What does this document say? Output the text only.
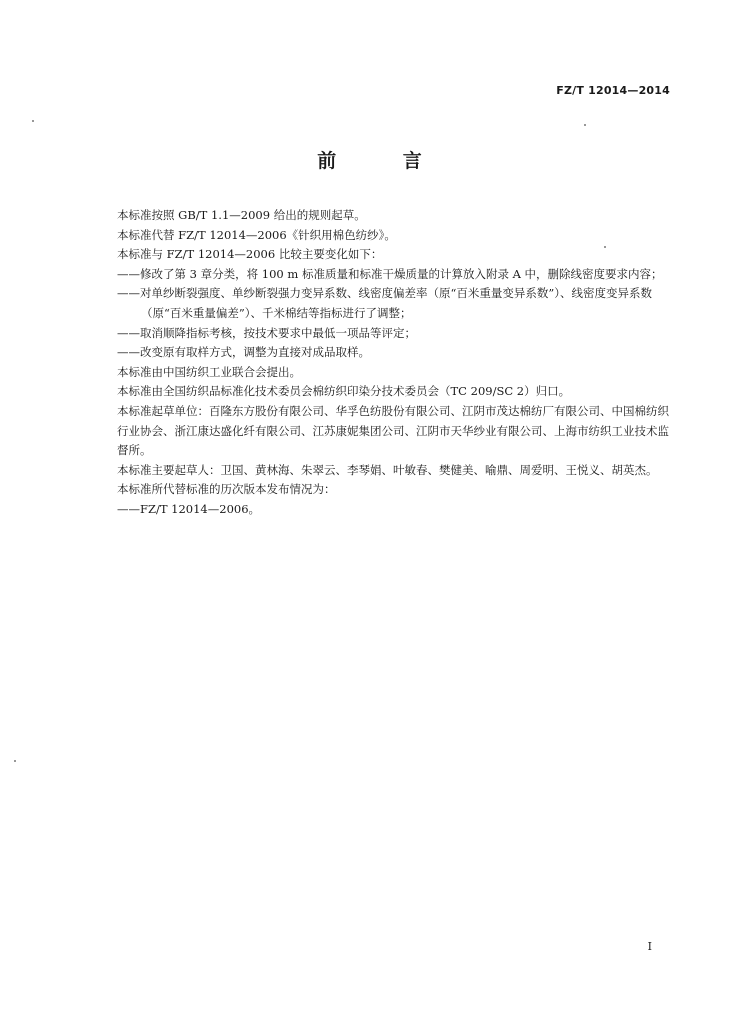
FZ/T 12014—2014
前 言

本标准按照 GB/T 1.1—2009 给出的规则起草。

本标准代替 FZ/T 12014—2006《针织用棉色纺纱》。

本标准与 FZ/T 12014—2006 比较主要变化如下：

——修改了第 3 章分类，将 100 m 标准质量和标准干燥质量的计算放入附录 A 中，删除线密度要求内容；

——对单纱断裂强度、单纱断裂强力变异系数、线密度偏差率（原“百米重量变异系数”）、线密度变异系数（原“百米重量偏差”）、千米棉结等指标进行了调整；

——取消顺降指标考核，按技术要求中最低一项品等评定；

——改变原有取样方式，调整为直接对成品取样。

本标准由中国纺织工业联合会提出。

本标准由全国纺织品标准化技术委员会棉纺织印染分技术委员会（TC 209/SC 2）归口。

本标准起草单位：百隆东方股份有限公司、华孚色纺股份有限公司、江阴市茂达棉纺厂有限公司、中国棉纺织行业协会、浙江康达盛化纤有限公司、江苏康妮集团公司、江阴市天华纱业有限公司、上海市纺织工业技术监督所。

本标准主要起草人：卫国、黄林海、朱翠云、李琴娟、叶敏春、樊健美、喻鼎、周爱明、王悦义、胡英杰。

本标准所代替标准的历次版本发布情况为：

——FZ/T 12014—2006。

I
